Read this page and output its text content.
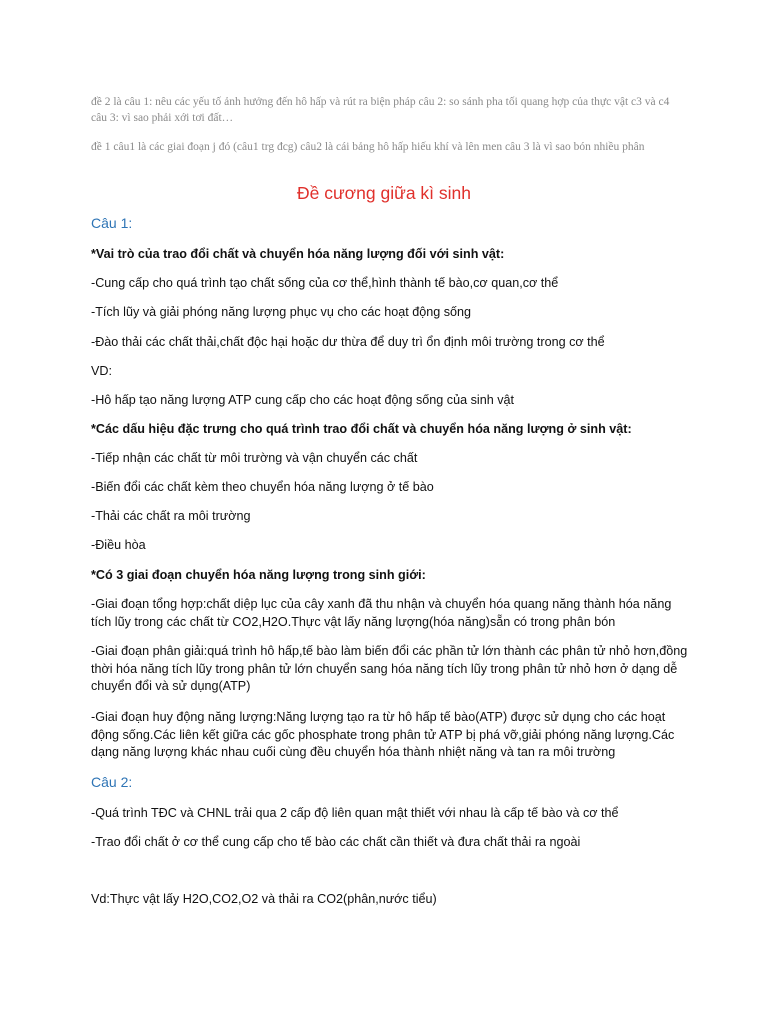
đề 2 là câu 1: nêu các yếu tố ảnh hưởng đến hô hấp và rút ra biện pháp câu 2: so sánh pha tối quang hợp của thực vật c3 và c4 câu 3: vì sao phải xới tơi đất…
đề 1 câu1 là các giai đoạn j đó (câu1 trg đcg) câu2 là cái bảng hô hấp hiếu khí và lên men câu 3 là vì sao bón nhiều phân
Đề cương giữa kì sinh
Câu 1:
*Vai trò của trao đổi chất và chuyển hóa năng lượng đối với sinh vật:
-Cung cấp cho quá trình tạo chất sống của cơ thể,hình thành tế bào,cơ quan,cơ thể
-Tích lũy và giải phóng năng lượng phục vụ cho các hoạt động sống
-Đào thải các chất thải,chất độc hại hoặc dư thừa để duy trì ổn định môi trường trong cơ thể
VD:
-Hô hấp tạo năng lượng ATP cung cấp cho các hoạt động sống của sinh vật
*Các dấu hiệu đặc trưng cho quá trình trao đổi chất và chuyển hóa năng lượng ở sinh vật:
-Tiếp nhận các chất từ môi trường và vận chuyển các chất
-Biến đổi các chất kèm theo chuyển hóa năng lượng ở tế bào
-Thải các chất ra môi trường
-Điều hòa
*Có 3 giai đoạn chuyển hóa năng lượng trong sinh giới:
-Giai đoạn tổng hợp:chất diệp lục của cây xanh đã thu nhận và chuyển hóa quang năng thành hóa năng tích lũy trong các chất từ CO2,H2O.Thực vật lấy năng lượng(hóa năng)sẵn có trong phân bón
-Giai đoạn phân giải:quá trình hô hấp,tế bào làm biến đổi các phần tử lớn thành các phân tử nhỏ hơn,đồng thời hóa năng tích lũy trong phân tử lớn chuyển sang hóa năng tích lũy trong phân tử nhỏ hơn ở dạng dễ chuyển đổi và sử dụng(ATP)
-Giai đoạn huy động năng lượng:Năng lượng tạo ra từ hô hấp tế bào(ATP) được sử dụng cho các hoạt động sống.Các liên kết giữa các gốc phosphate trong phân tử ATP bị phá vỡ,giải phóng năng lượng.Các dạng năng lượng khác nhau cuối cùng đều chuyển hóa thành nhiệt năng và tan ra môi trường
Câu 2:
-Quá trình TĐC và CHNL trải qua 2 cấp độ liên quan mật thiết với nhau là cấp tế bào và cơ thể
-Trao đổi chất ở cơ thể cung cấp cho tế bào các chất cần thiết và đưa chất thải ra ngoài
Vd:Thực vật lấy H2O,CO2,O2 và thải ra CO2(phân,nước tiểu)
